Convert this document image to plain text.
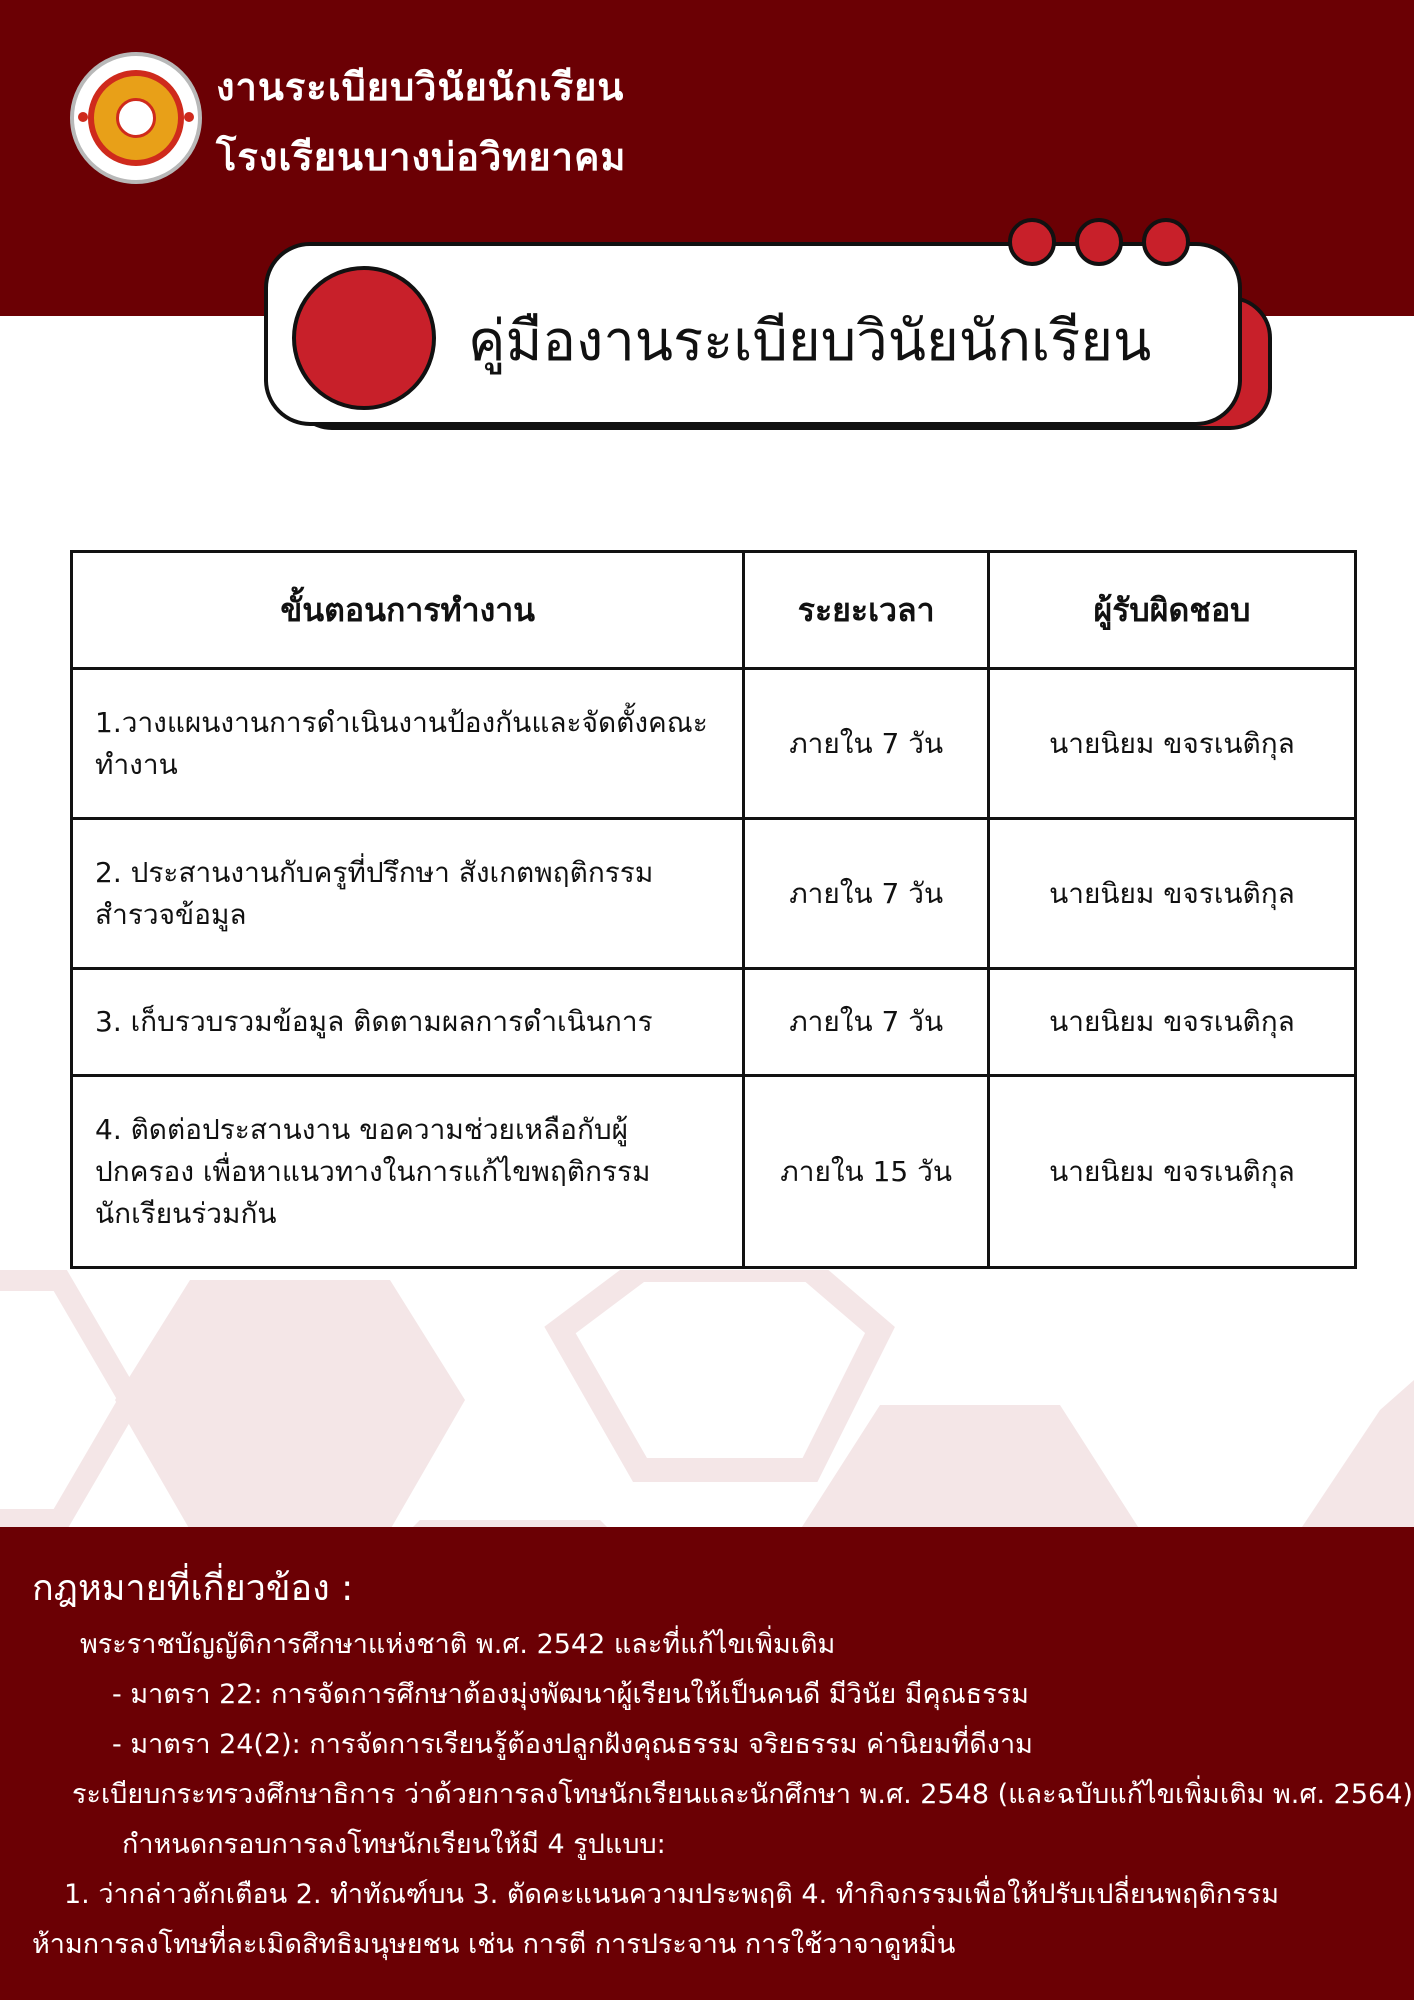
งานระเบียบวินัยนักเรียน
โรงเรียนบางบ่อวิทยาคม
คู่มืองานระเบียบวินัยนักเรียน
ขั้นตอนการทำงาน	ระยะเวลา	ผู้รับผิดชอบ

1.วางแผนงานการดำเนินงานป้องกันและจัดตั้งคณะ
ทำงาน	ภายใน 7 วัน	นายนิยม ขจรเนติกุล

2. ประสานงานกับครูที่ปรึกษา สังเกตพฤติกรรม
สำรวจข้อมูล	ภายใน 7 วัน	นายนิยม ขจรเนติกุล

3. เก็บรวบรวมข้อมูล ติดตามผลการดำเนินการ	ภายใน 7 วัน	นายนิยม ขจรเนติกุล

4. ติดต่อประสานงาน ขอความช่วยเหลือกับผู้
ปกครอง เพื่อหาแนวทางในการแก้ไขพฤติกรรม
นักเรียนร่วมกัน	ภายใน 15 วัน	นายนิยม ขจรเนติกุล
กฎหมายที่เกี่ยวข้อง :
พระราชบัญญัติการศึกษาแห่งชาติ พ.ศ. 2542 และที่แก้ไขเพิ่มเติม
- มาตรา 22: การจัดการศึกษาต้องมุ่งพัฒนาผู้เรียนให้เป็นคนดี มีวินัย มีคุณธรรม
- มาตรา 24(2): การจัดการเรียนรู้ต้องปลูกฝังคุณธรรม จริยธรรม ค่านิยมที่ดีงาม
ระเบียบกระทรวงศึกษาธิการ ว่าด้วยการลงโทษนักเรียนและนักศึกษา พ.ศ. 2548 (และฉบับแก้ไขเพิ่มเติม พ.ศ. 2564)
กำหนดกรอบการลงโทษนักเรียนให้มี 4 รูปแบบ:
1. ว่ากล่าวตักเตือน 2. ทำทัณฑ์บน 3. ตัดคะแนนความประพฤติ 4. ทำกิจกรรมเพื่อให้ปรับเปลี่ยนพฤติกรรม
ห้ามการลงโทษที่ละเมิดสิทธิมนุษยชน เช่น การตี การประจาน การใช้วาจาดูหมิ่น
